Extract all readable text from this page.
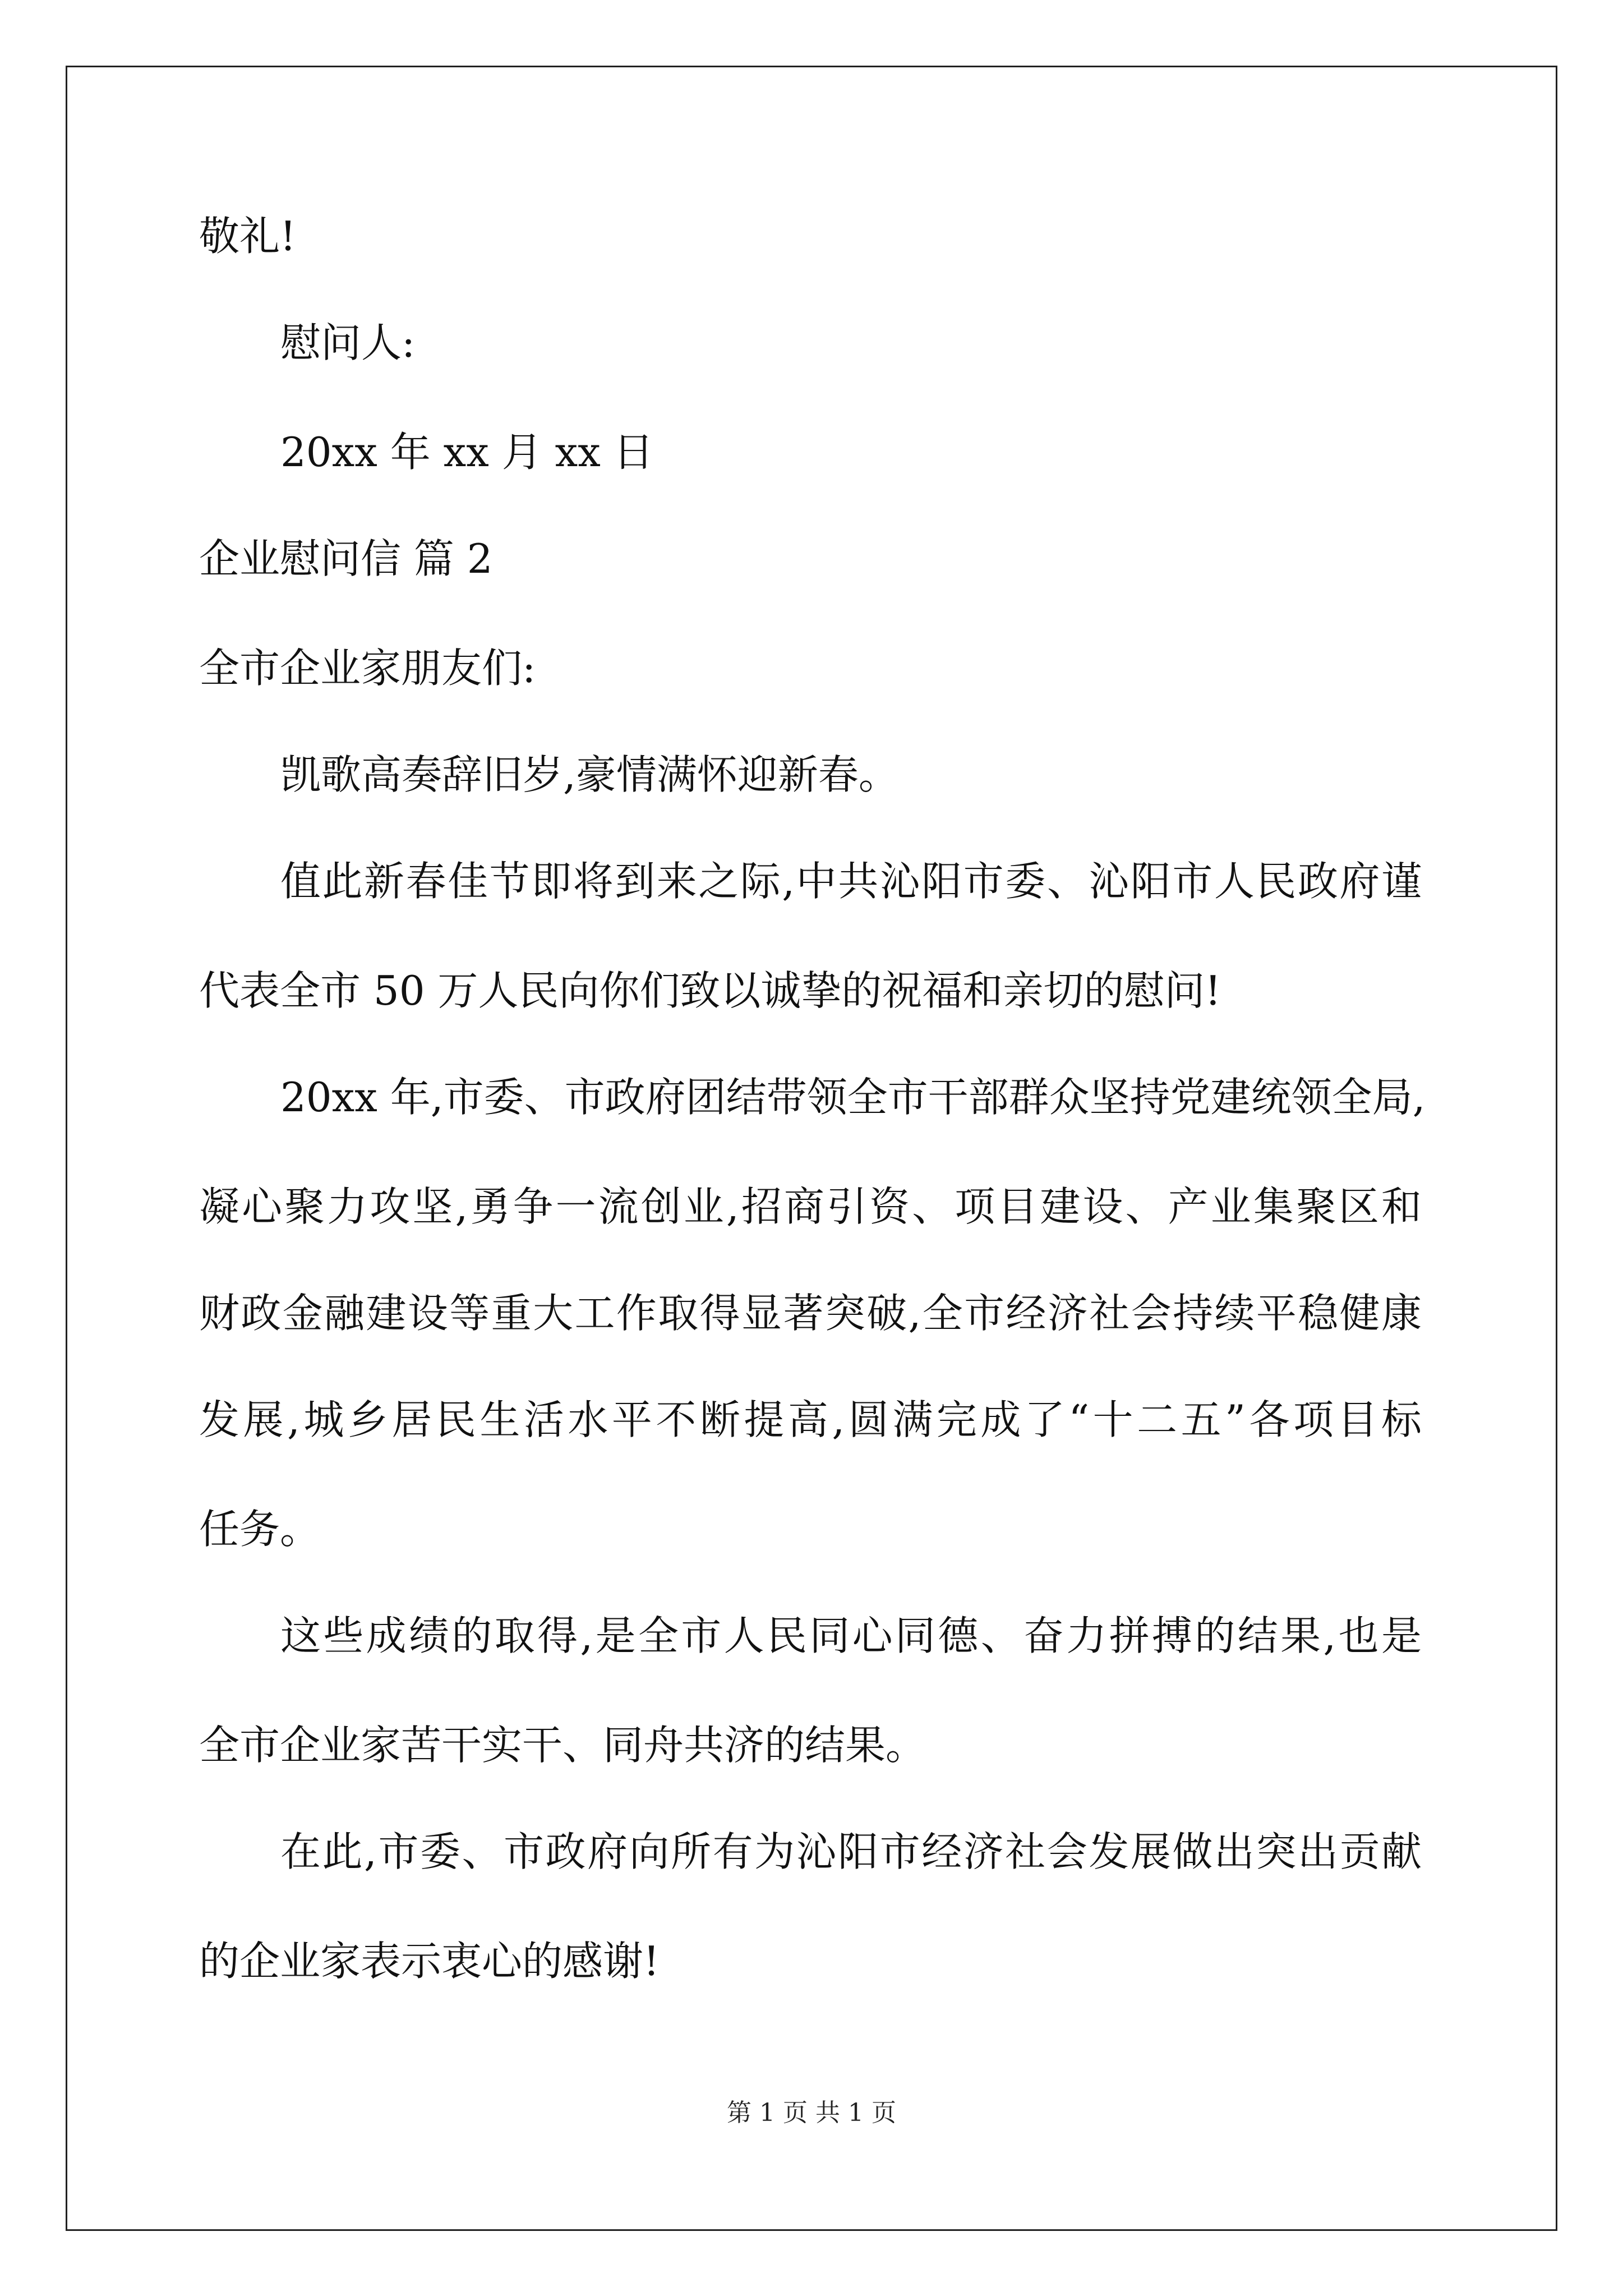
敬礼!
慰问人:
20xx 年 xx 月 xx 日
企业慰问信 篇 2
全市企业家朋友们:
凯歌高奏辞旧岁,豪情满怀迎新春。
值此新春佳节即将到来之际,中共沁阳市委、沁阳市人民政府谨
代表全市 50 万人民向你们致以诚挚的祝福和亲切的慰问!
20xx 年,市委、市政府团结带领全市干部群众坚持党建统领全局,
凝心聚力攻坚,勇争一流创业,招商引资、项目建设、产业集聚区和
财政金融建设等重大工作取得显著突破,全市经济社会持续平稳健康
发展,城乡居民生活水平不断提高,圆满完成了“十二五”各项目标
任务。
这些成绩的取得,是全市人民同心同德、奋力拼搏的结果,也是
全市企业家苦干实干、同舟共济的结果。
在此,市委、市政府向所有为沁阳市经济社会发展做出突出贡献
的企业家表示衷心的感谢!
第 1 页 共 1 页
